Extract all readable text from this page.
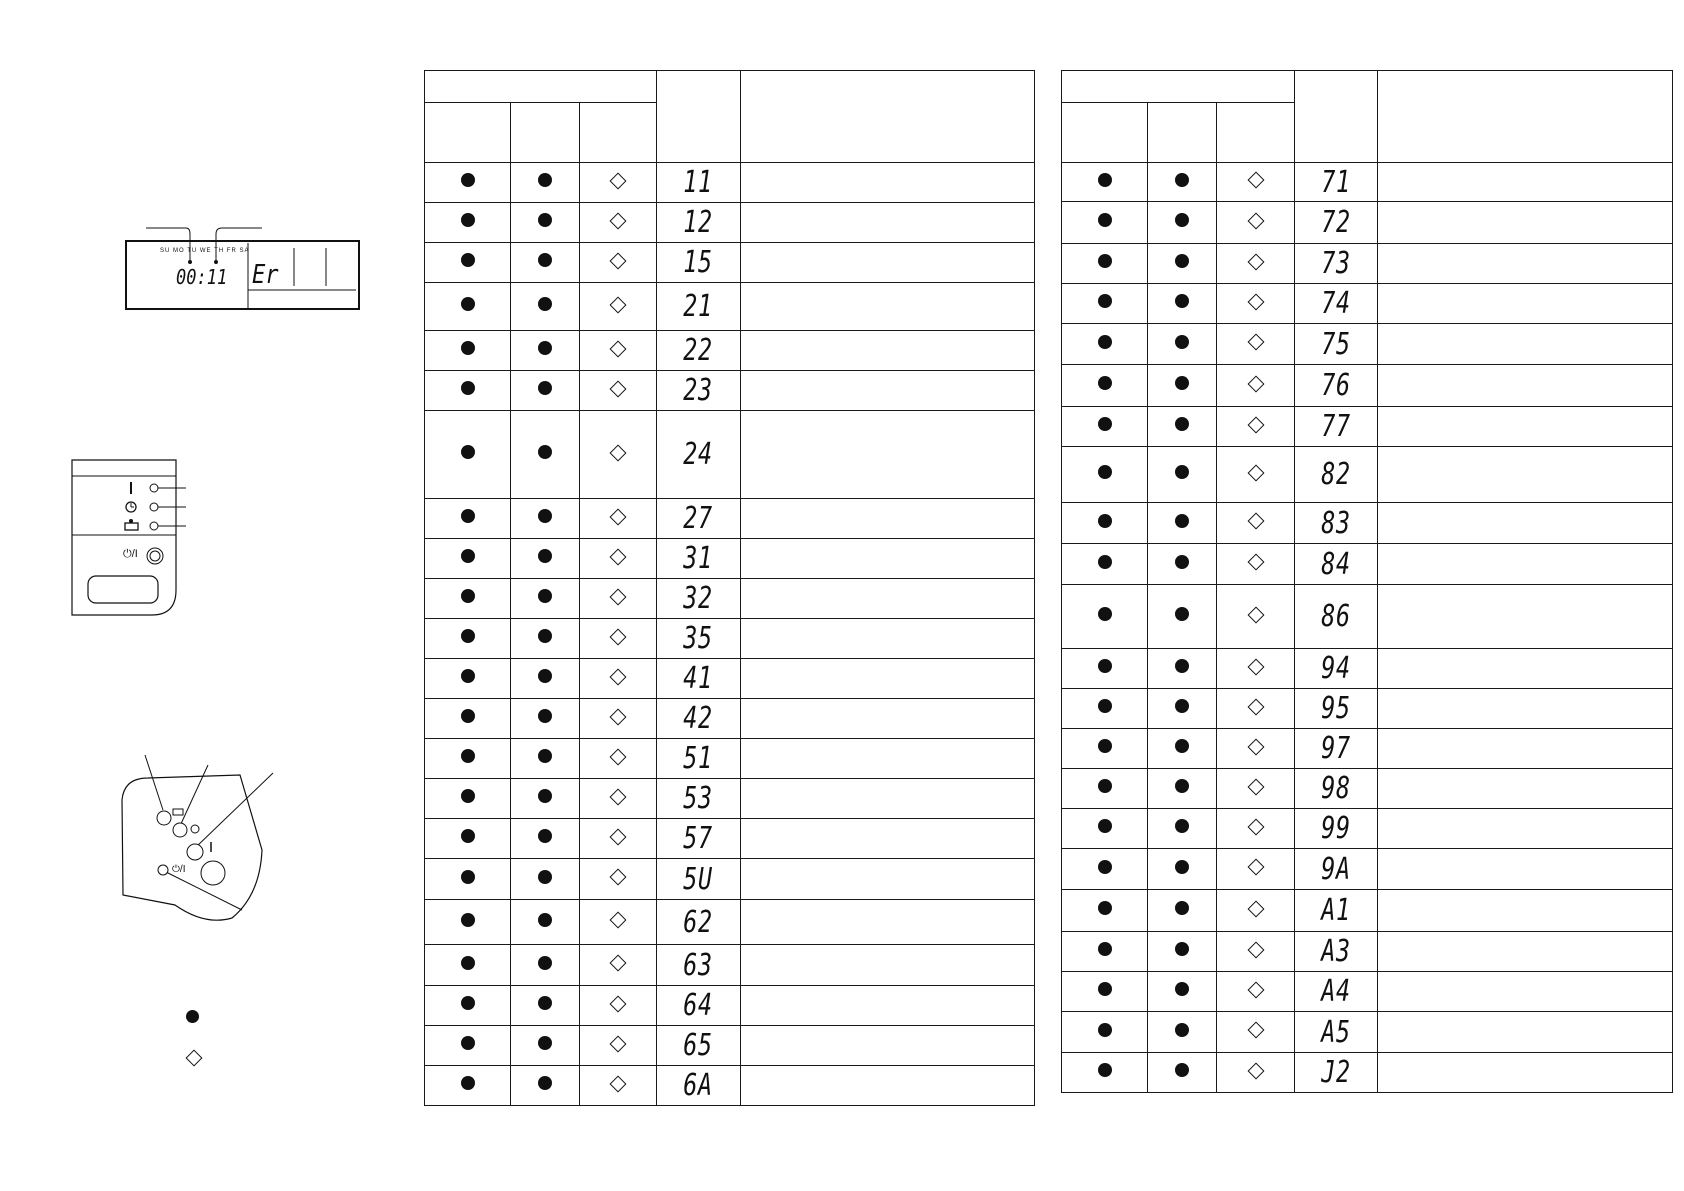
SU MO TU WE TH FR SA
00:11 Er
⏻/I
⏻/I

			11	
			12	
			15	
			21	
			22	
			23	
			24	
			27	
			31	
			32	
			35	
			41	
			42	
			51	
			53	
			57	
			5U	
			62	
			63	
			64	
			65	
			6A	

			71	
			72	
			73	
			74	
			75	
			76	
			77	
			82	
			83	
			84	
			86	
			94	
			95	
			97	
			98	
			99	
			9A	
			A1	
			A3	
			A4	
			A5	
			J2	
